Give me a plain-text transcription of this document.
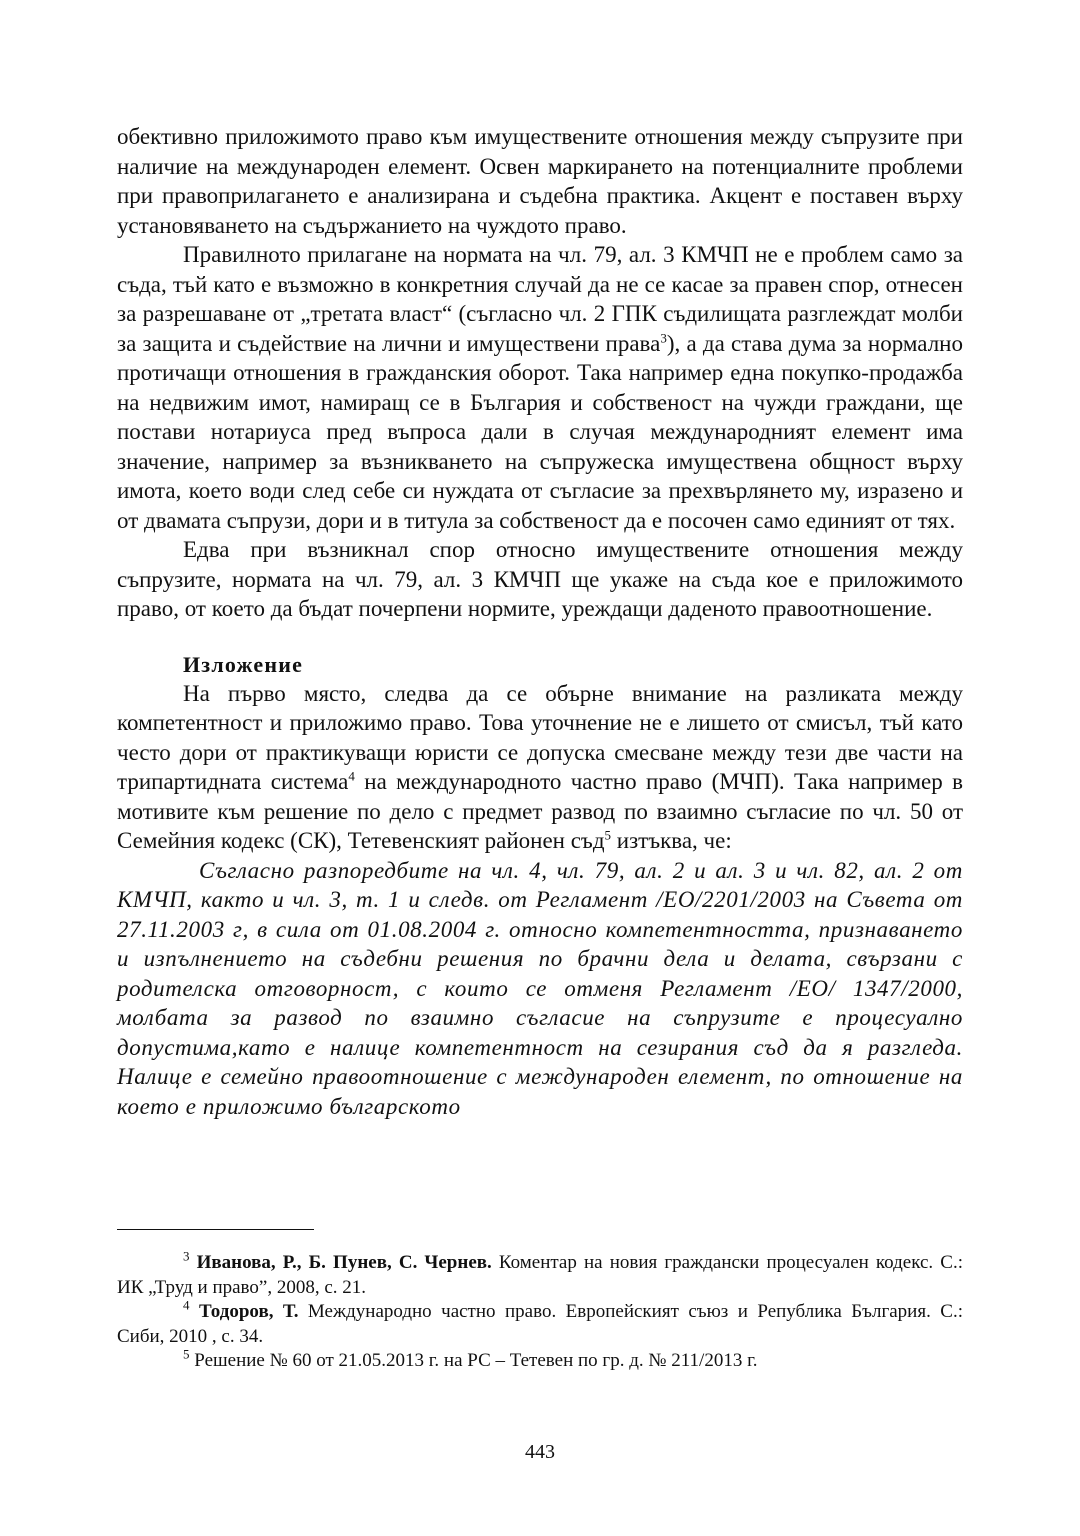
обективно приложимото право към имуществените отношения между съпрузите при наличие на международен елемент. Освен маркирането на потенциалните проблеми при правоприлагането е анализирана и съдебна практика. Акцент е поставен върху установяването на съдържанието на чуждото право.

Правилното прилагане на нормата на чл. 79, ал. 3 КМЧП не е проблем само за съда, тъй като е възможно в конкретния случай да не се касае за правен спор, отнесен за разрешаване от „третата власт“ (съгласно чл. 2 ГПК съдилищата разглеждат молби за защита и съдействие на лични и имуществени права$^3$), а да става дума за нормално протичащи отношения в гражданския оборот. Така например една покупко-продажба на недвижим имот, намиращ се в България и собственост на чужди граждани, ще постави нотариуса пред въпроса дали в случая международният елемент има значение, например за възникването на съпружеска имуществена общност върху имота, което води след себе си нуждата от съгласие за прехвърлянето му, изразено и от двамата съпрузи, дори и в титула за собственост да е посочен само единият от тях.

Едва при възникнал спор относно имуществените отношения между съпрузите, нормата на чл. 79, ал. 3 КМЧП ще укаже на съда кое е приложимото право, от което да бъдат почерпени нормите, уреждащи даденото правоотношение.

Изложение

На първо място, следва да се обърне внимание на разликата между компетентност и приложимо право. Това уточнение не е лишето от смисъл, тъй като често дори от практикуващи юристи се допуска смесване между тези две части на трипартидната система$^4$ на международното частно право (МЧП). Така например в мотивите към решение по дело с предмет развод по взаимно съгласие по чл. 50 от Семейния кодекс (СК), Тетевенският районен съд$^5$ изтъква, че:

Съгласно разпоредбите на чл. 4, чл. 79, ал. 2 и ал. 3 и чл. 82, ал. 2 от КМЧП, както и чл. 3, т. 1 и следв. от Регламент /ЕО/2201/2003 на Съвета от 27.11.2003 г, в сила от 01.08.2004 г. относно компетентността, признаването и изпълнението на съдебни решения по брачни дела и делата, свързани с родителска отговорност, с които се отменя Регламент /ЕО/ 1347/2000, молбата за развод по взаимно съгласие на съпрузите е процесуално допустима,като е налице компетентност на сезирания съд да я разгледа. Налице е семейно правоотношение с международен елемент, по отношение на което е приложимо българското

$^3$ Иванова, Р., Б. Пунев, С. Чернев. Коментар на новия граждански процесуален кодекс. С.: ИК „Труд и право”, 2008, с. 21.

$^4$ Тодоров, Т. Международно частно право. Европейският съюз и Република България. С.: Сиби, 2010 , с. 34.

$^5$ Решение № 60 от 21.05.2013 г. на РС – Тетевен по гр. д. № 211/2013 г.

443
